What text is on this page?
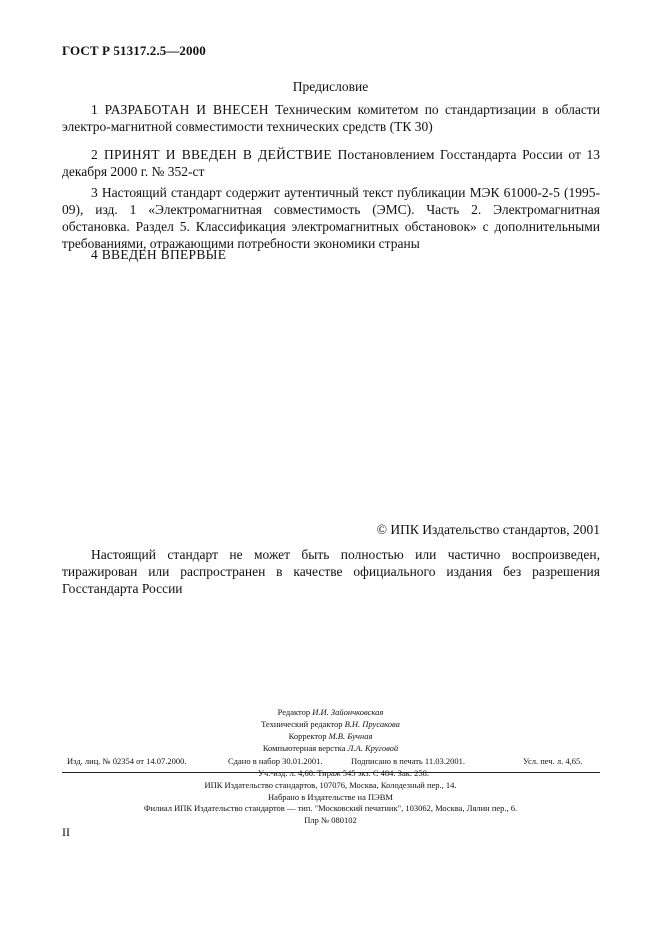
ГОСТ Р 51317.2.5—2000
Предисловие
1 РАЗРАБОТАН И ВНЕСЕН Техническим комитетом по стандартизации в области электро-магнитной совместимости технических средств (ТК 30)
2 ПРИНЯТ И ВВЕДЕН В ДЕЙСТВИЕ Постановлением Госстандарта России от 13 декабря 2000 г. № 352-ст
3 Настоящий стандарт содержит аутентичный текст публикации МЭК 61000-2-5 (1995-09), изд. 1 «Электромагнитная совместимость (ЭМС). Часть 2. Электромагнитная обстановка. Раздел 5. Классификация электромагнитных обстановок» с дополнительными требованиями, отражающими потребности экономики страны
4 ВВЕДЕН ВПЕРВЫЕ
© ИПК Издательство стандартов, 2001
Настоящий стандарт не может быть полностью или частично воспроизведен, тиражирован или распространен в качестве официального издания без разрешения Госстандарта России
Редактор И.И. Зайончковская
Технический редактор В.Н. Прусакова
Корректор М.В. Бучная
Компьютерная верстка Л.А. Круговой
Изд. лиц. № 02354 от 14.07.2000.	Сдано в набор 30.01.2001.	Подписано в печать 11.03.2001.	Усл. печ. л. 4,65.
Уч.-изд. л. 4,60. Тираж 545 экз. С 484. Зак. 258.
ИПК Издательство стандартов, 107076, Москва, Колодезный пер., 14.
Набрано в Издательстве на ПЭВМ
Филиал ИПК Издательство стандартов — тип. "Московский печатник", 103062, Москва, Лялин пер., 6.
Плр № 080102
II
